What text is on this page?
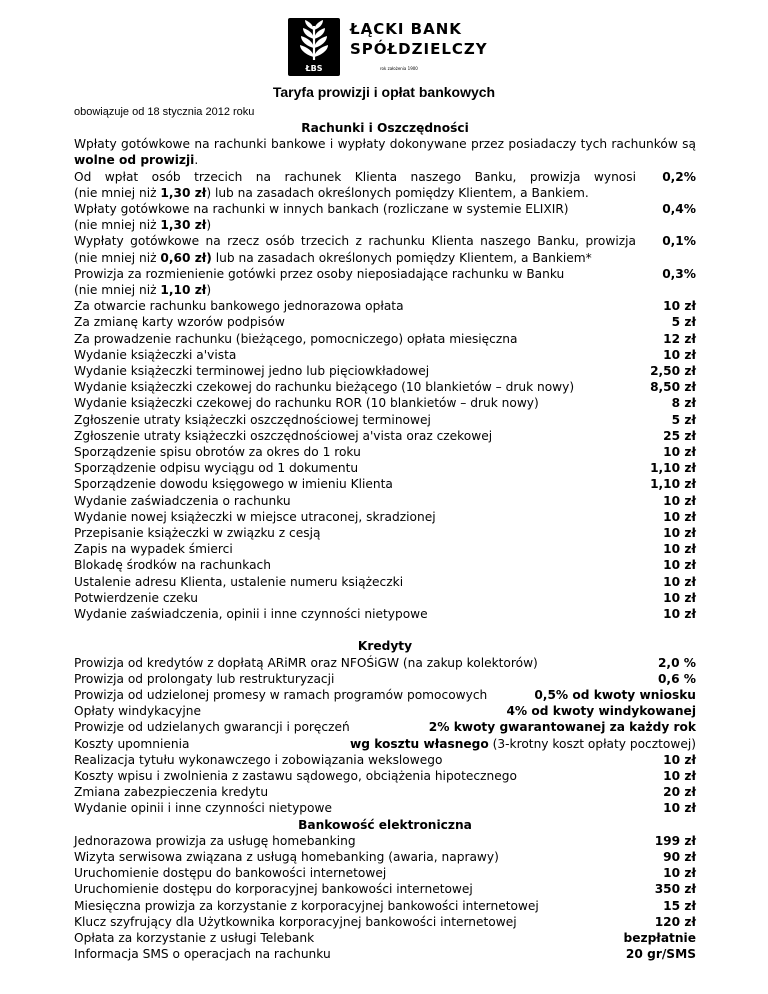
ŁBS
ŁĄCKI BANK
SPÓŁDZIELCZY
rok założenia 1900
Taryfa prowizji i opłat bankowych
obowiązuje od 18 stycznia 2012 roku
Rachunki i Oszczędności
Wpłaty gotówkowe na rachunki bankowe i wypłaty dokonywane przez posiadaczy tych rachunków są wolne od prowizji.
Od wpłat osób trzecich na rachunek Klienta naszego Banku, prowizja wynosi	0,2%
(nie mniej niż 1,30 zł) lub na zasadach określonych pomiędzy Klientem, a Bankiem.
Wpłaty gotówkowe na rachunki w innych bankach (rozliczane w systemie ELIXIR)	0,4%
(nie mniej niż 1,30 zł)
Wypłaty gotówkowe na rzecz osób trzecich z rachunku Klienta naszego Banku, prowizja	0,1%
(nie mniej niż 0,60 zł) lub na zasadach określonych pomiędzy Klientem, a Bankiem*
Prowizja za rozmienienie gotówki przez osoby nieposiadające rachunku w Banku	0,3%
(nie mniej niż 1,10 zł)
Za otwarcie rachunku bankowego jednorazowa opłata	10 zł
Za zmianę karty wzorów podpisów	5 zł
Za prowadzenie rachunku (bieżącego, pomocniczego) opłata miesięczna	12 zł
Wydanie książeczki a'vista	10 zł
Wydanie książeczki terminowej jedno lub pięciowkładowej	2,50 zł
Wydanie książeczki czekowej do rachunku bieżącego (10 blankietów – druk nowy)	8,50 zł
Wydanie książeczki czekowej do rachunku ROR (10 blankietów – druk nowy)	8 zł
Zgłoszenie utraty książeczki oszczędnościowej terminowej	5 zł
Zgłoszenie utraty książeczki oszczędnościowej a'vista oraz czekowej	25 zł
Sporządzenie spisu obrotów za okres do 1 roku	10 zł
Sporządzenie odpisu wyciągu od 1 dokumentu	1,10 zł
Sporządzenie dowodu księgowego w imieniu Klienta	1,10 zł
Wydanie zaświadczenia o rachunku	10 zł
Wydanie nowej książeczki w miejsce utraconej, skradzionej	10 zł
Przepisanie książeczki w związku z cesją	10 zł
Zapis na wypadek śmierci	10 zł
Blokadę środków na rachunkach	10 zł
Ustalenie adresu Klienta, ustalenie numeru książeczki	10 zł
Potwierdzenie czeku	10 zł
Wydanie zaświadczenia, opinii i inne czynności nietypowe	10 zł
Kredyty
Prowizja od kredytów z dopłatą ARiMR oraz NFOŚiGW (na zakup kolektorów)	2,0 %
Prowizja od prolongaty lub restrukturyzacji	0,6 %
Prowizja od udzielonej promesy w ramach programów pomocowych	0,5% od kwoty wniosku
Opłaty windykacyjne	4% od kwoty windykowanej
Prowizje od udzielanych gwarancji i poręczeń	2% kwoty gwarantowanej za każdy rok
Koszty upomnienia	wg kosztu własnego (3-krotny koszt opłaty pocztowej)
Realizacja tytułu wykonawczego i zobowiązania wekslowego	10 zł
Koszty wpisu i zwolnienia z zastawu sądowego, obciążenia hipotecznego	10 zł
Zmiana zabezpieczenia kredytu	20 zł
Wydanie opinii i inne czynności nietypowe	10 zł
Bankowość elektroniczna
Jednorazowa prowizja za usługę homebanking	199 zł
Wizyta serwisowa związana z usługą homebanking (awaria, naprawy)	90 zł
Uruchomienie dostępu do bankowości internetowej	10 zł
Uruchomienie dostępu do korporacyjnej bankowości internetowej	350 zł
Miesięczna prowizja za korzystanie z korporacyjnej bankowości internetowej	15 zł
Klucz szyfrujący dla Użytkownika korporacyjnej bankowości internetowej	120 zł
Opłata za korzystanie z usługi Telebank	bezpłatnie
Informacja SMS o operacjach na rachunku	20 gr/SMS
